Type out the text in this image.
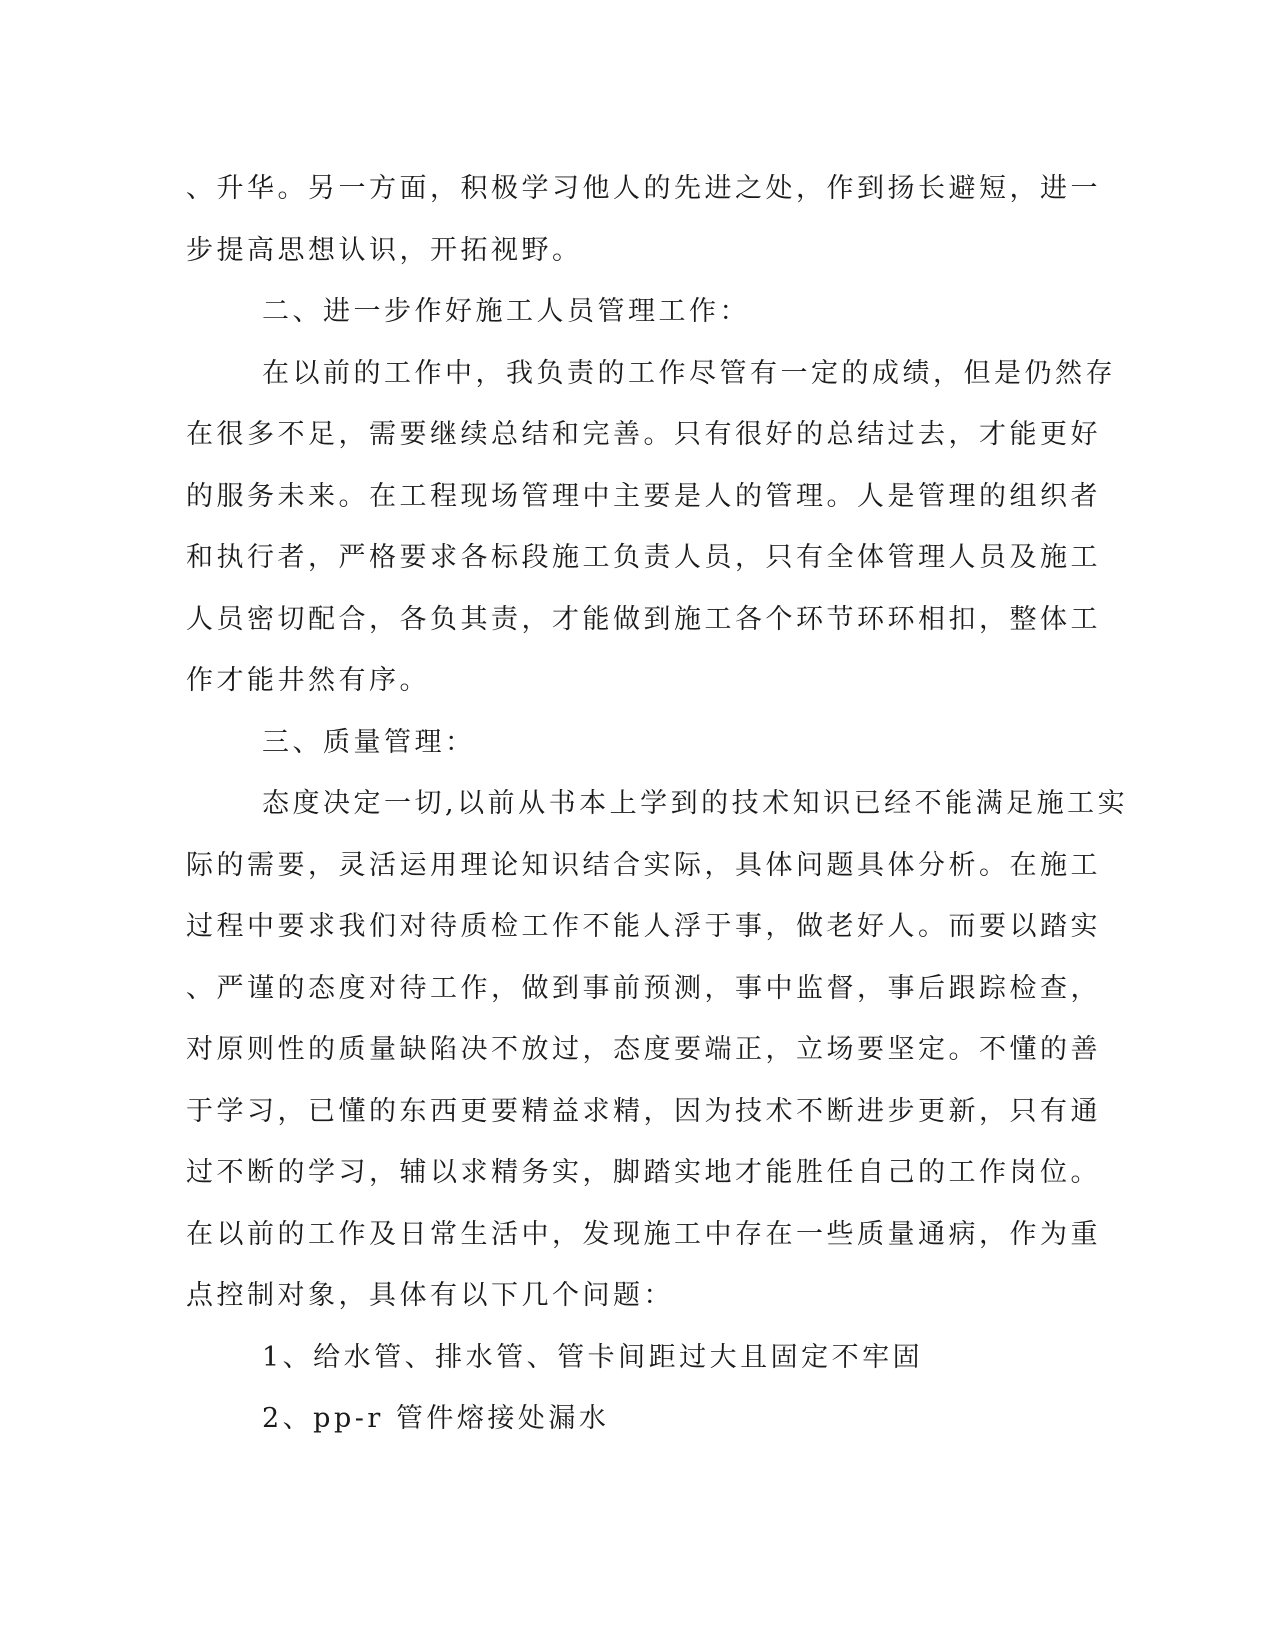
、升华。另一方面，积极学习他人的先进之处，作到扬长避短，进一
步提高思想认识，开拓视野。
二、进一步作好施工人员管理工作：
在以前的工作中，我负责的工作尽管有一定的成绩，但是仍然存
在很多不足，需要继续总结和完善。只有很好的总结过去，才能更好
的服务未来。在工程现场管理中主要是人的管理。人是管理的组织者
和执行者，严格要求各标段施工负责人员，只有全体管理人员及施工
人员密切配合，各负其责，才能做到施工各个环节环环相扣，整体工
作才能井然有序。
三、质量管理：
态度决定一切,以前从书本上学到的技术知识已经不能满足施工实
际的需要，灵活运用理论知识结合实际，具体问题具体分析。在施工
过程中要求我们对待质检工作不能人浮于事，做老好人。而要以踏实
、严谨的态度对待工作，做到事前预测，事中监督，事后跟踪检查，
对原则性的质量缺陷决不放过，态度要端正，立场要坚定。不懂的善
于学习，已懂的东西更要精益求精，因为技术不断进步更新，只有通
过不断的学习，辅以求精务实，脚踏实地才能胜任自己的工作岗位。
在以前的工作及日常生活中，发现施工中存在一些质量通病，作为重
点控制对象，具体有以下几个问题：
1、给水管、排水管、管卡间距过大且固定不牢固
2、pp-r 管件熔接处漏水
